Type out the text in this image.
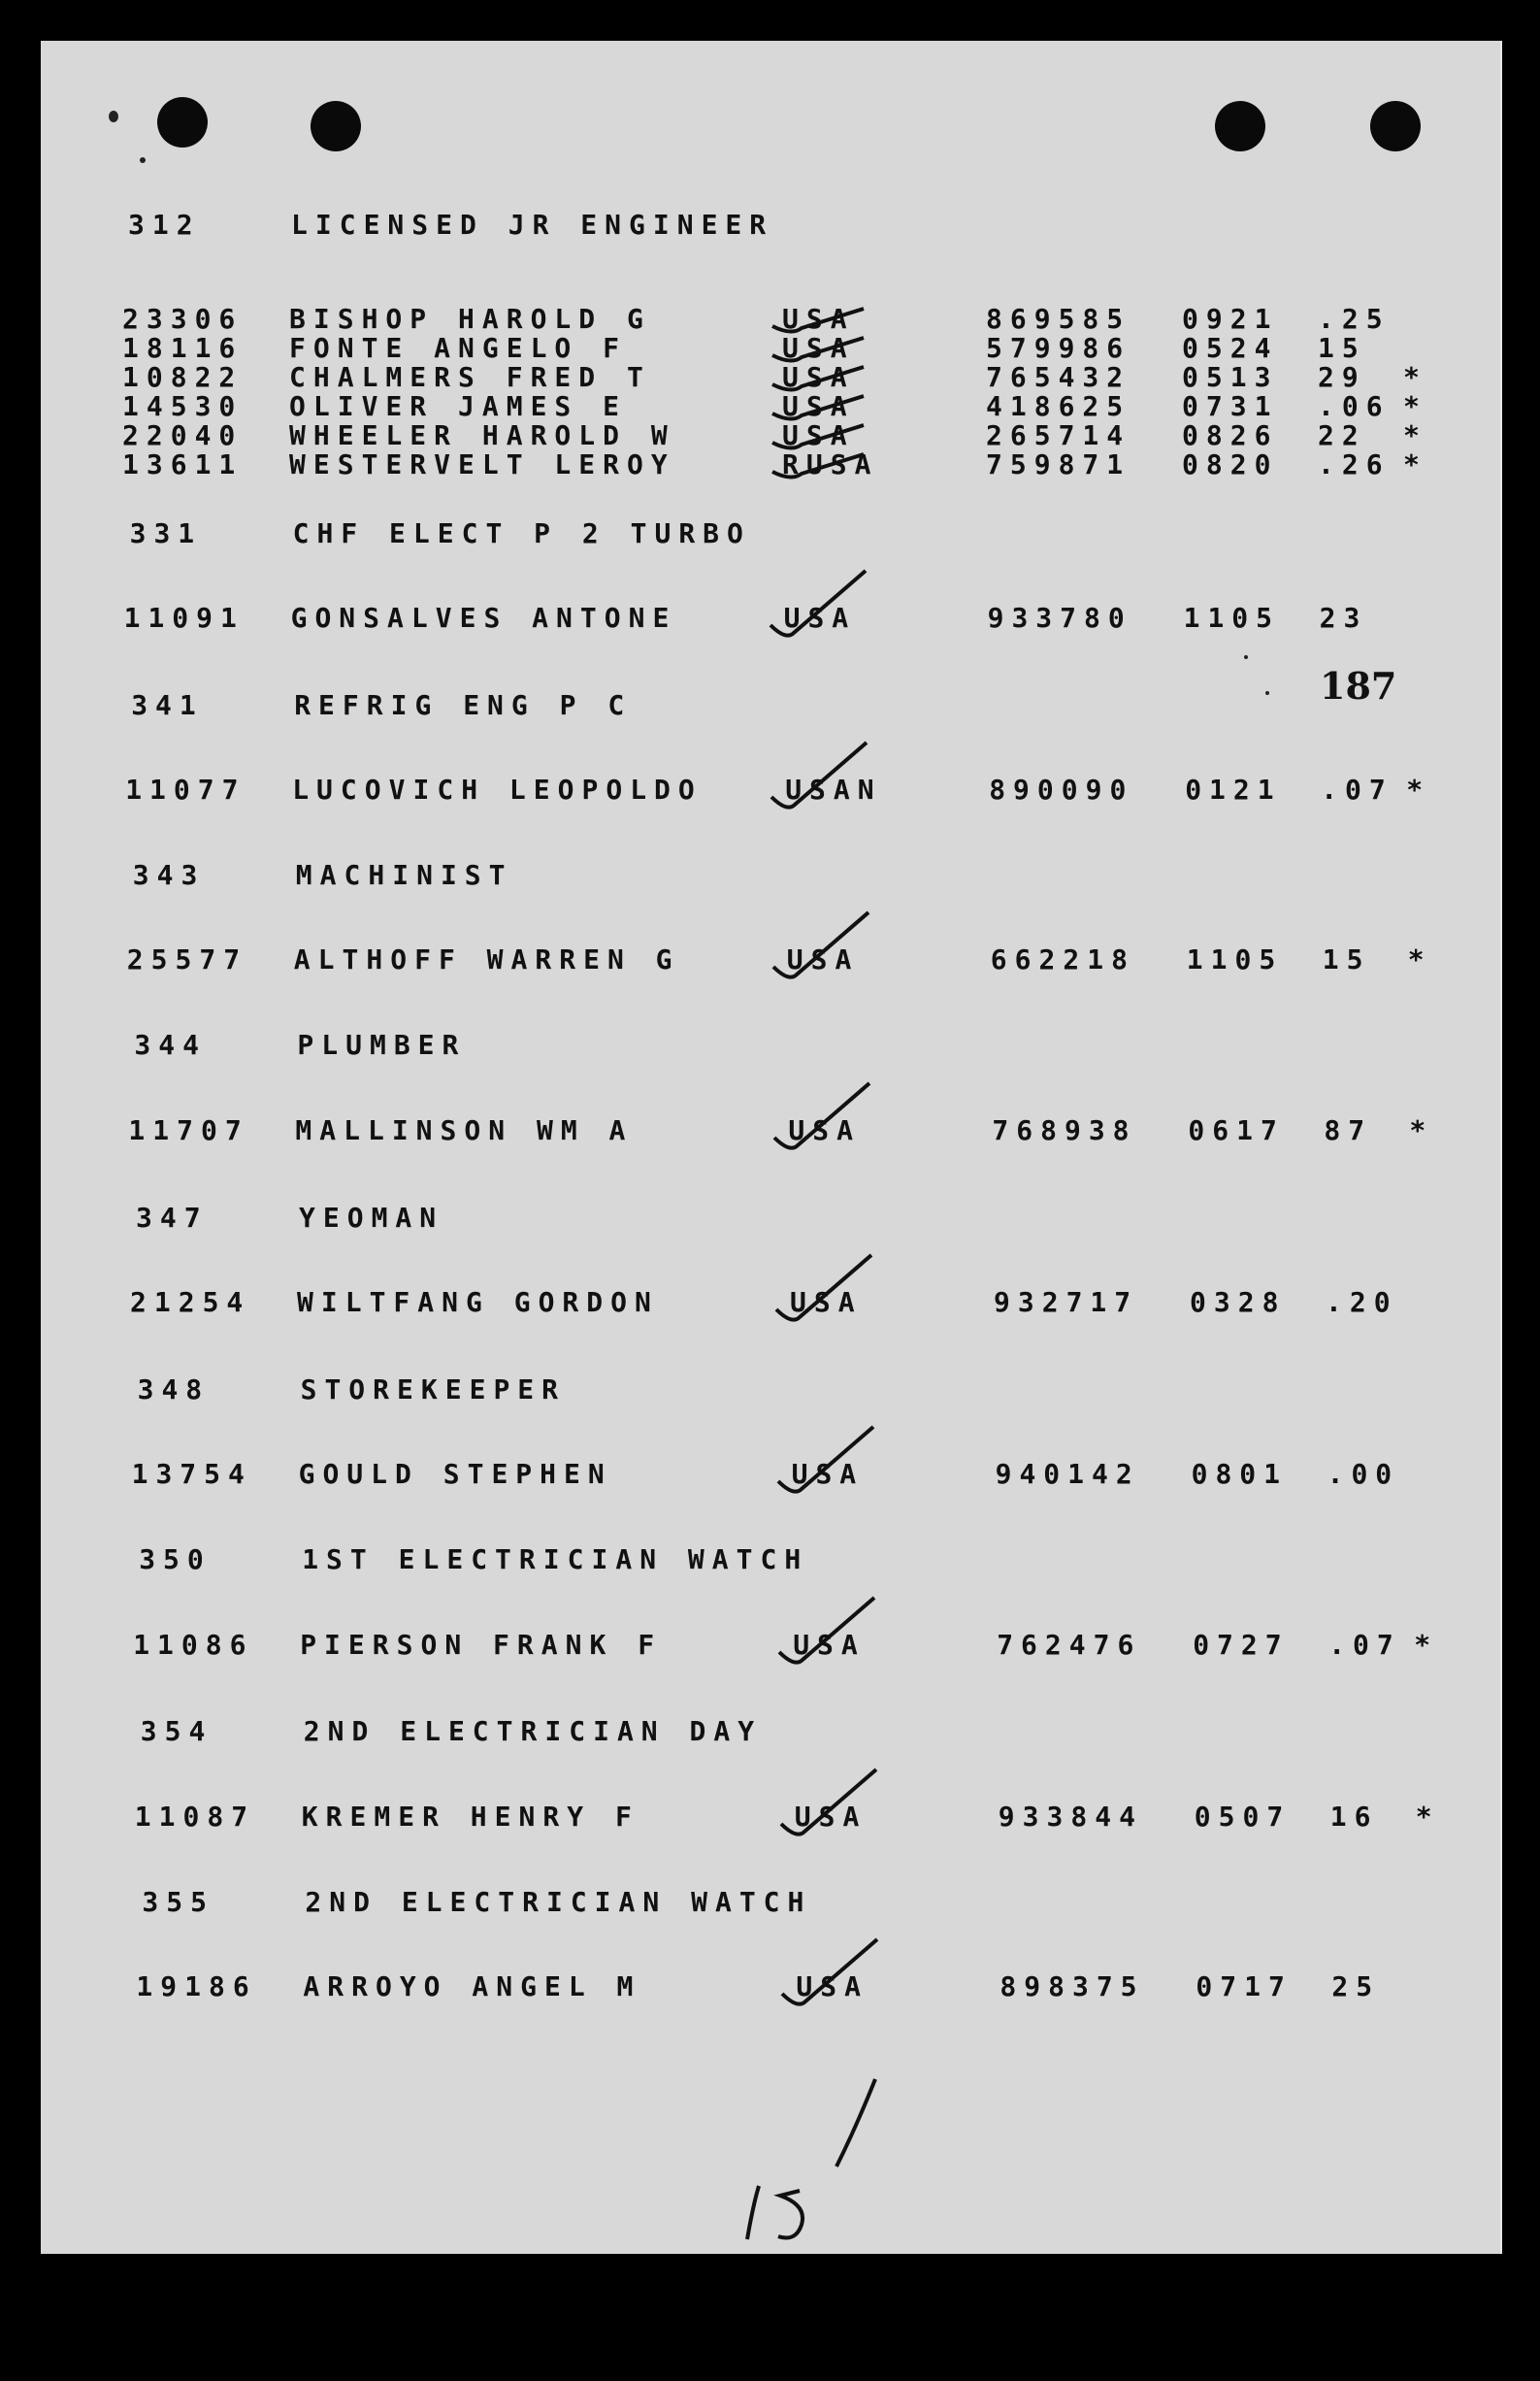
187
312	LICENSED JR ENGINEER
23306 BISHOP HAROLD G	USA	869585 0921 .25
18116 FONTE ANGELO F	USA	579986 0524 15
10822 CHALMERS FRED T	USA	765432 0513 29 *
14530 OLIVER JAMES E	USA	418625 0731 .06 *
22040 WHEELER HAROLD W	USA	265714 0826 22 *
13611 WESTERVELT LEROY	RUSA	759871 0820 .26 *
331	CHF ELECT P 2 TURBO
11091 GONSALVES ANTONE	USA	933780 1105 23
341	REFRIG ENG P C
11077 LUCOVICH LEOPOLDO	USAN	890090 0121 .07 *
343	MACHINIST
25577 ALTHOFF WARREN G	USA	662218 1105 15 *
344	PLUMBER
11707 MALLINSON WM A	USA	768938 0617 87 *
347	YEOMAN
21254 WILTFANG GORDON	USA	932717 0328 .20
348	STOREKEEPER
13754 GOULD STEPHEN	USA	940142 0801 .00
350	1ST ELECTRICIAN WATCH
11086 PIERSON FRANK F	USA	762476 0727 .07 *
354	2ND ELECTRICIAN DAY
11087 KREMER HENRY F	USA	933844 0507 16 *
355	2ND ELECTRICIAN WATCH
19186 ARROYO ANGEL M	USA	898375 0717 25
